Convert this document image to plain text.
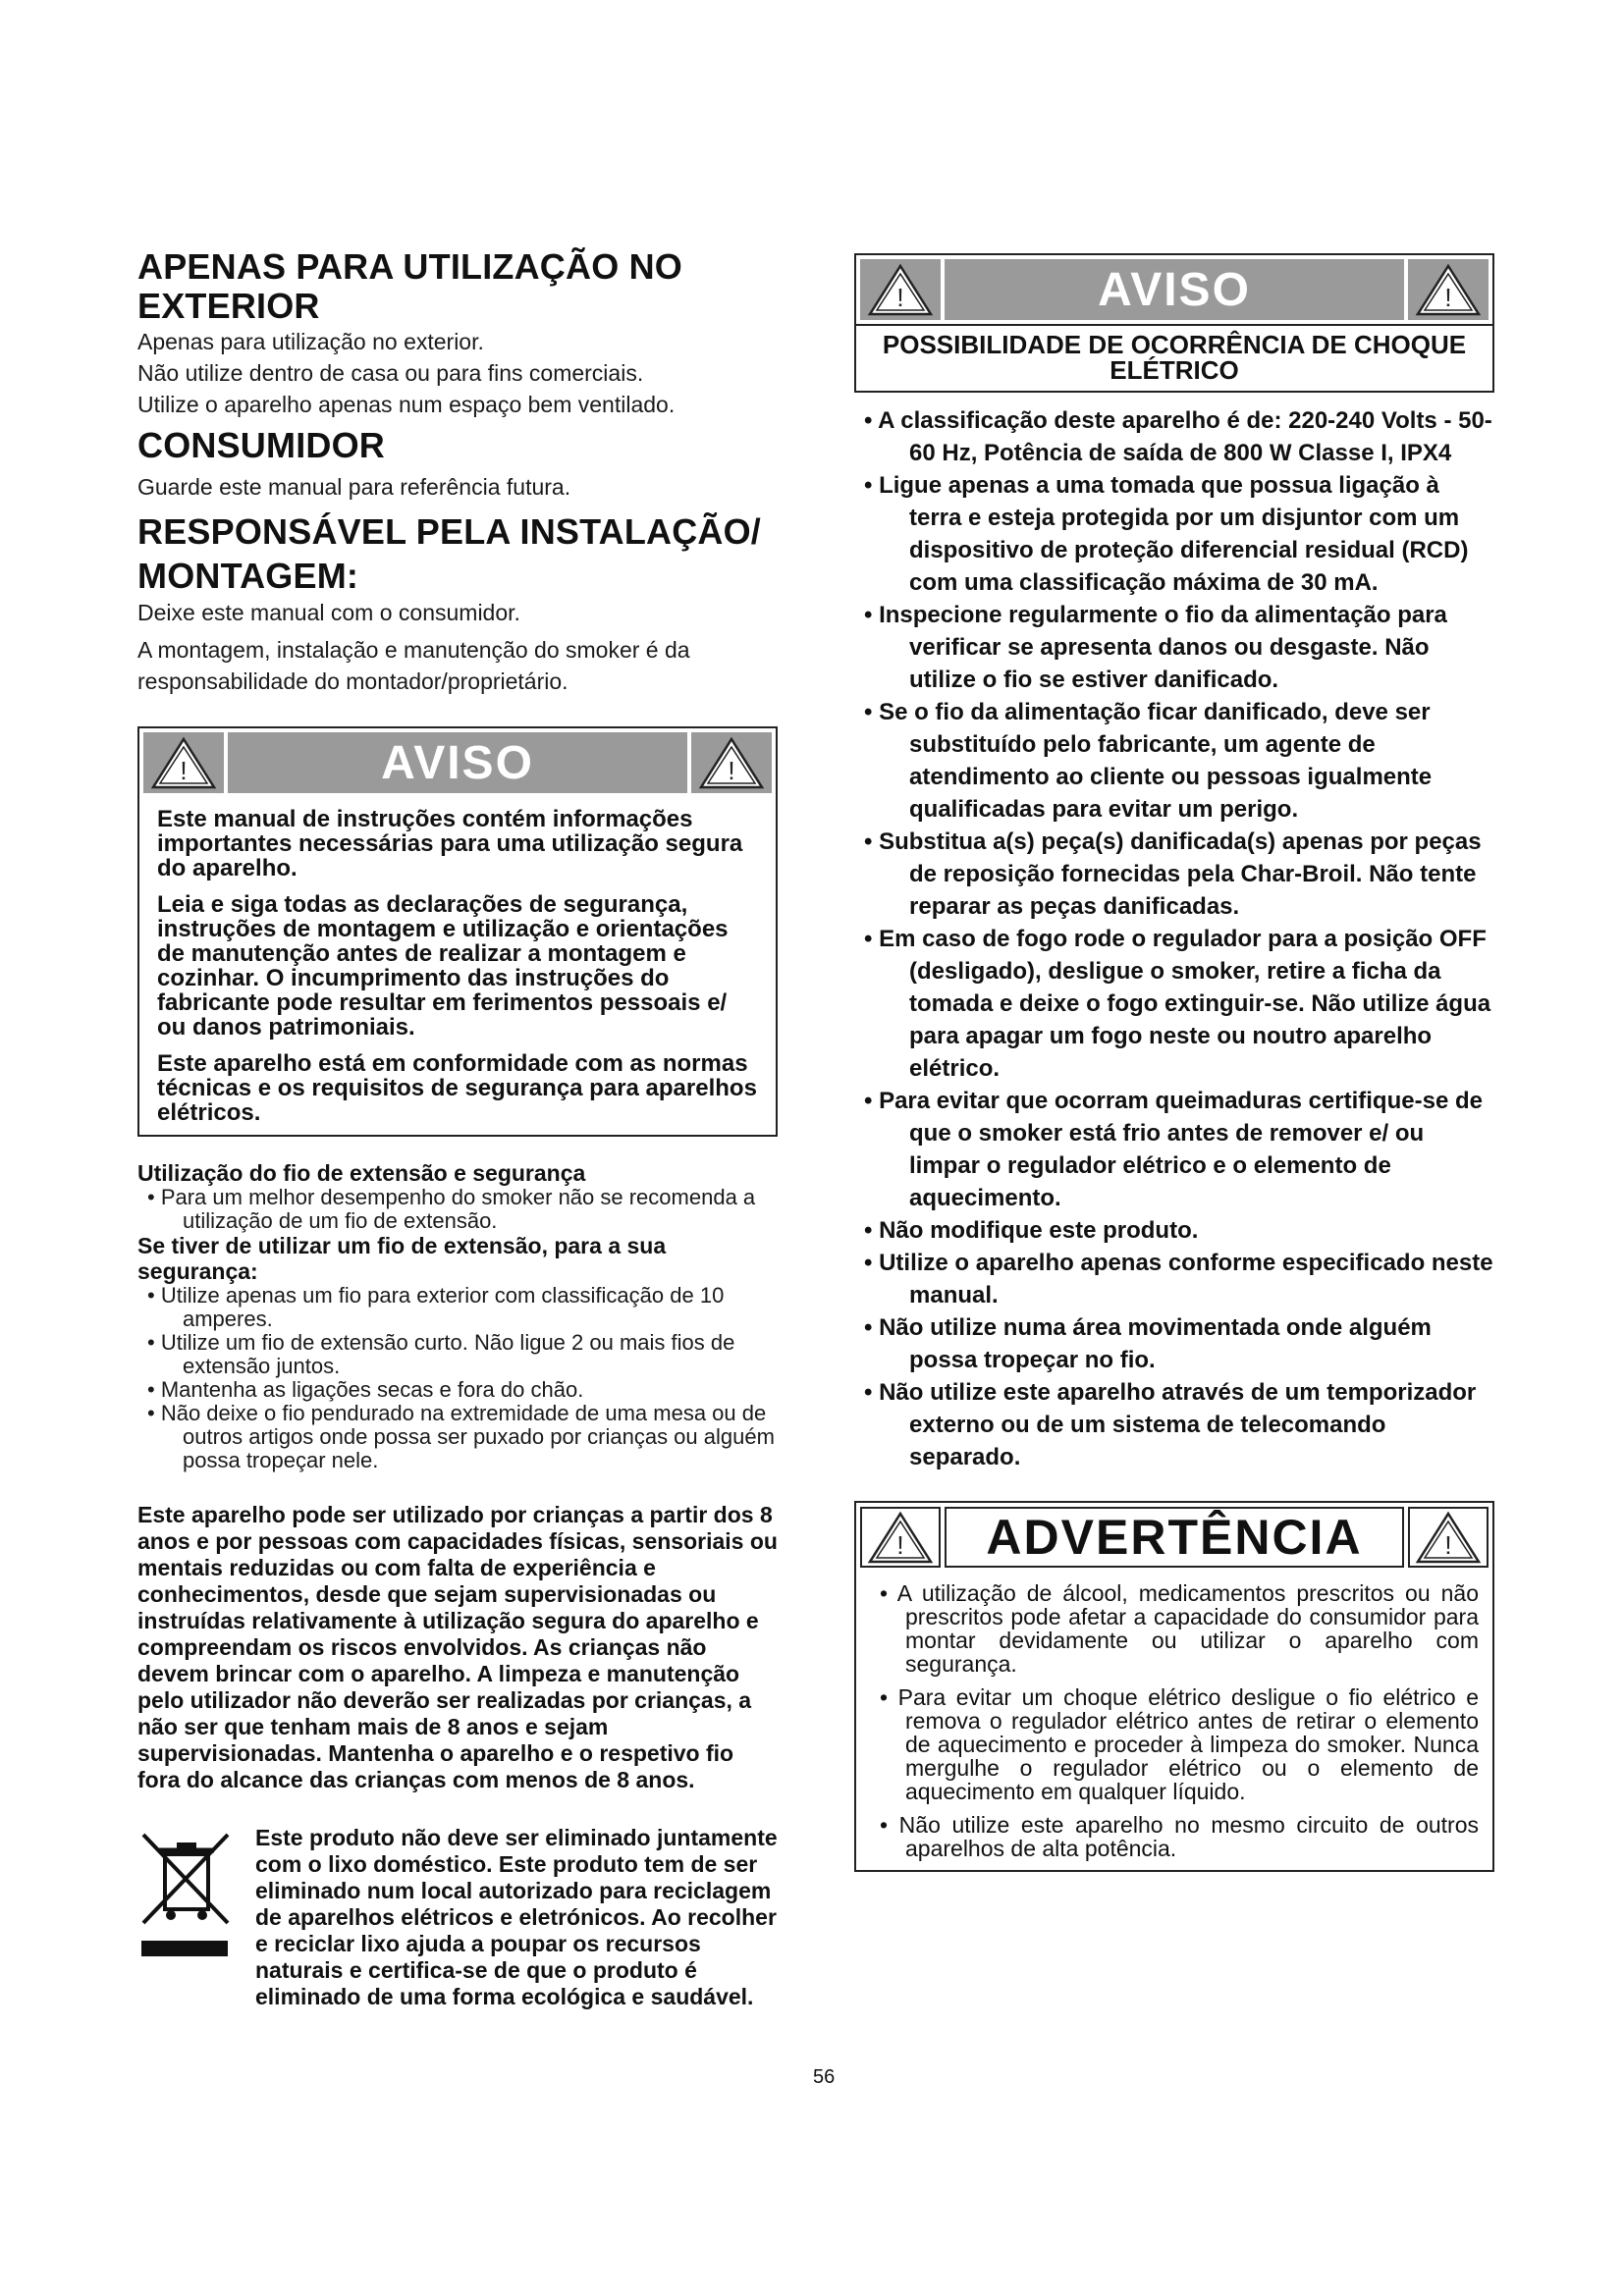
APENAS PARA UTILIZAÇÃO NO EXTERIOR

Apenas para utilização no exterior.

Não utilize dentro de casa ou para fins comerciais.

Utilize o aparelho apenas num espaço bem ventilado.

CONSUMIDOR

Guarde este manual para referência futura.

RESPONSÁVEL PELA INSTALAÇÃO/
MONTAGEM:

Deixe este manual com o consumidor.

A montagem, instalação e manutenção do smoker é da

responsabilidade do montador/proprietário.

!	AVISO	!

Este manual de instruções contém informações importantes necessárias para uma utilização segura do aparelho.

Leia e siga todas as declarações de segurança, instruções de montagem e utilização e orientações de manutenção antes de realizar a montagem e cozinhar. O incumprimento das instruções do fabricante pode resultar em ferimentos pessoais e/ ou danos patrimoniais.

Este aparelho está em conformidade com as normas técnicas e os requisitos de segurança para aparelhos elétricos.

Utilização do fio de extensão e segurança

• Para um melhor desempenho do smoker não se recomenda a utilização de um fio de extensão.

Se tiver de utilizar um fio de extensão, para a sua segurança:

• Utilize apenas um fio para exterior com classificação de 10 amperes.
• Utilize um fio de extensão curto. Não ligue 2 ou mais fios de extensão juntos.
• Mantenha as ligações secas e fora do chão.
• Não deixe o fio pendurado na extremidade de uma mesa ou de outros artigos onde possa ser puxado por crianças ou alguém possa tropeçar nele.

Este aparelho pode ser utilizado por crianças a partir dos 8 anos e por pessoas com capacidades físicas, sensoriais ou mentais reduzidas ou com falta de experiência e conhecimentos, desde que sejam supervisionadas ou instruídas relativamente à utilização segura do aparelho e compreendam os riscos envolvidos. As crianças não devem brincar com o aparelho. A limpeza e manutenção pelo utilizador não deverão ser realizadas por crianças, a não ser que tenham mais de 8 anos e sejam supervisionadas. Mantenha o aparelho e o respetivo fio fora do alcance das crianças com menos de 8 anos.

Este produto não deve ser eliminado juntamente com o lixo doméstico. Este produto tem de ser eliminado num local autorizado para reciclagem de aparelhos elétricos e eletrónicos. Ao recolher e reciclar lixo ajuda a poupar os recursos naturais e certifica-se de que o produto é eliminado de uma forma ecológica e saudável.
!	AVISO	!
POSSIBILIDADE DE OCORRÊNCIA DE CHOQUE ELÉTRICO
• A classificação deste aparelho é de: 220-240 Volts - 50-60 Hz, Potência de saída de 800 W Classe I, IPX4
• Ligue apenas a uma tomada que possua ligação à terra e esteja protegida por um disjuntor com um dispositivo de proteção diferencial residual (RCD) com uma classificação máxima de 30 mA.
• Inspecione regularmente o fio da alimentação para verificar se apresenta danos ou desgaste. Não utilize o fio se estiver danificado.
• Se o fio da alimentação ficar danificado, deve ser substituído pelo fabricante, um agente de atendimento ao cliente ou pessoas igualmente qualificadas para evitar um perigo.
• Substitua a(s) peça(s) danificada(s) apenas por peças de reposição fornecidas pela Char-Broil. Não tente reparar as peças danificadas.
• Em caso de fogo rode o regulador para a posição OFF (desligado), desligue o smoker, retire a ficha da tomada e deixe o fogo extinguir-se. Não utilize água para apagar um fogo neste ou noutro aparelho elétrico.
• Para evitar que ocorram queimaduras certifique-se de que o smoker está frio antes de remover e/ ou limpar o regulador elétrico e o elemento de aquecimento.
• Não modifique este produto.
• Utilize o aparelho apenas conforme especificado neste manual.
• Não utilize numa área movimentada onde alguém possa tropeçar no fio.
• Não utilize este aparelho através de um temporizador externo ou de um sistema de telecomando separado.
!	ADVERTÊNCIA	!

• A utilização de álcool, medicamentos prescritos ou não prescritos pode afetar a capacidade do consumidor para montar devidamente ou utilizar o aparelho com segurança.

• Para evitar um choque elétrico desligue o fio elétrico e remova o regulador elétrico antes de retirar o elemento de aquecimento e proceder à limpeza do smoker. Nunca mergulhe o regulador elétrico ou o elemento de aquecimento em qualquer líquido.

• Não utilize este aparelho no mesmo circuito de outros aparelhos de alta potência.

56
